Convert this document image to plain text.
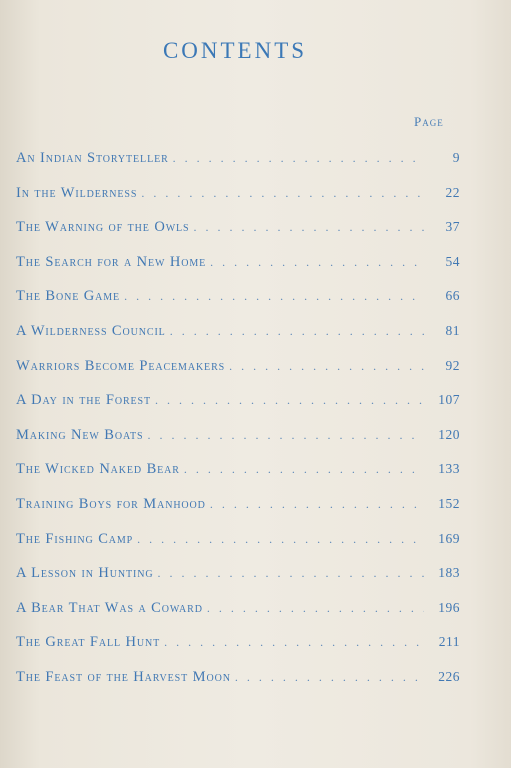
CONTENTS
Page
An Indian Storyteller . . .	9
In the Wilderness . . .	22
The Warning of the Owls . . .	37
The Search for a New Home . . .	54
The Bone Game . . .	66
A Wilderness Council . . .	81
Warriors Become Peacemakers . . .	92
A Day in the Forest . . .	107
Making New Boats . . .	120
The Wicked Naked Bear . . .	133
Training Boys for Manhood . . .	152
The Fishing Camp . . .	169
A Lesson in Hunting . . .	183
A Bear That Was a Coward . . .	196
The Great Fall Hunt . . .	211
The Feast of the Harvest Moon . . .	226
